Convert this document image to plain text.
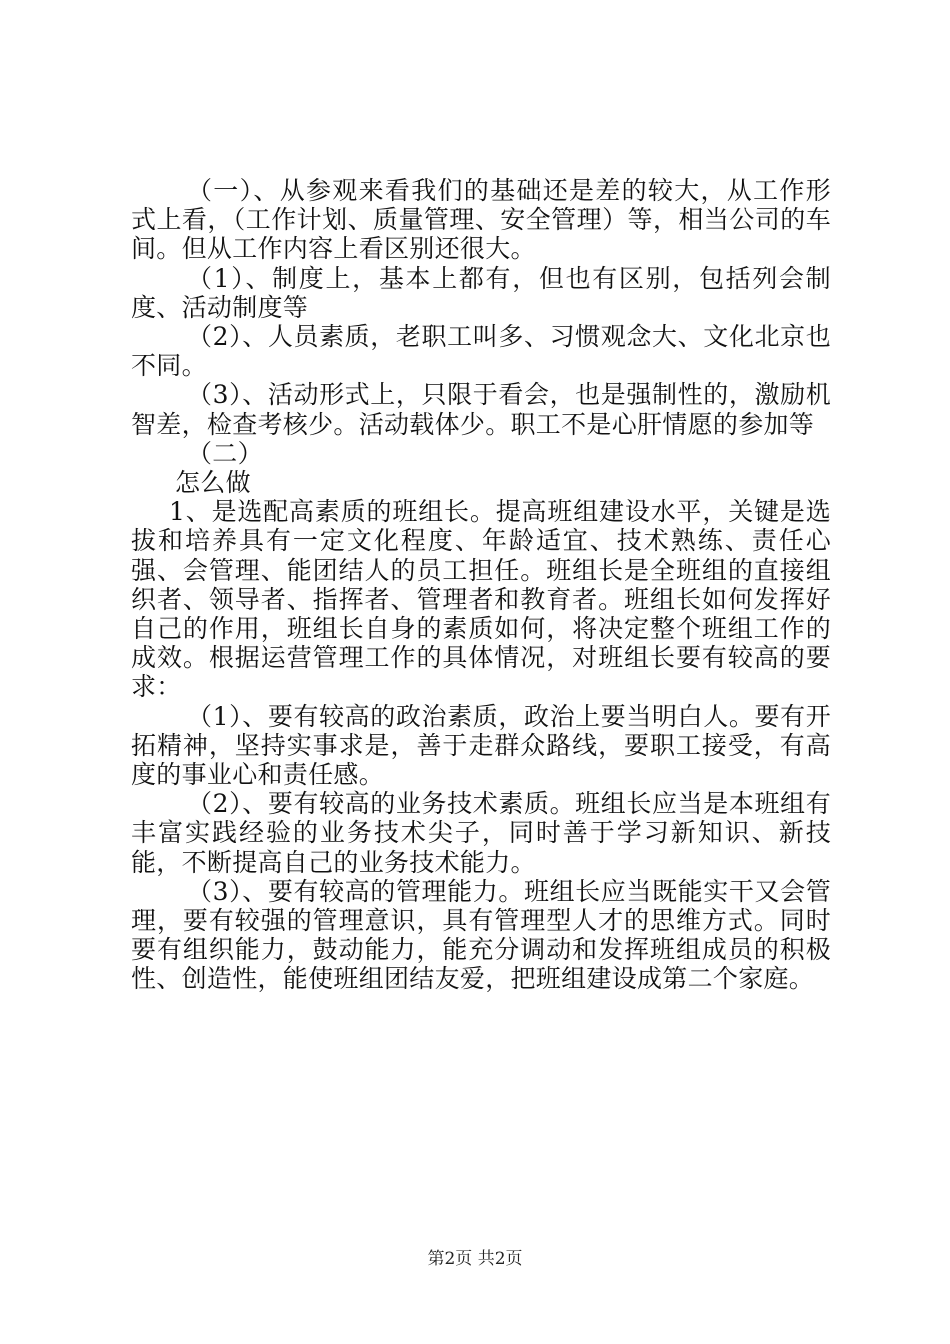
（一）、从参观来看我们的基础还是差的较大，从工作形式上看，（工作计划、质量管理、安全管理）等，相当公司的车间。但从工作内容上看区别还很大。

（1）、制度上，基本上都有，但也有区别，包括列会制度、活动制度等

（2）、人员素质，老职工叫多、习惯观念大、文化北京也不同。

（3）、活动形式上，只限于看会，也是强制性的，激励机智差，检查考核少。活动载体少。职工不是心肝情愿的参加等

（二）

怎么做

1、是选配高素质的班组长。提高班组建设水平，关键是选拔和培养具有一定文化程度、年龄适宜、技术熟练、责任心强、会管理、能团结人的员工担任。班组长是全班组的直接组织者、领导者、指挥者、管理者和教育者。班组长如何发挥好自己的作用，班组长自身的素质如何，将决定整个班组工作的成效。根据运营管理工作的具体情况，对班组长要有较高的要求：

（1）、要有较高的政治素质，政治上要当明白人。要有开拓精神，坚持实事求是，善于走群众路线，要职工接受，有高度的事业心和责任感。

（2）、要有较高的业务技术素质。班组长应当是本班组有丰富实践经验的业务技术尖子，同时善于学习新知识、新技能，不断提高自己的业务技术能力。

（3）、要有较高的管理能力。班组长应当既能实干又会管理，要有较强的管理意识，具有管理型人才的思维方式。同时要有组织能力，鼓动能力，能充分调动和发挥班组成员的积极性、创造性，能使班组团结友爱，把班组建设成第二个家庭。

第2页 共2页
